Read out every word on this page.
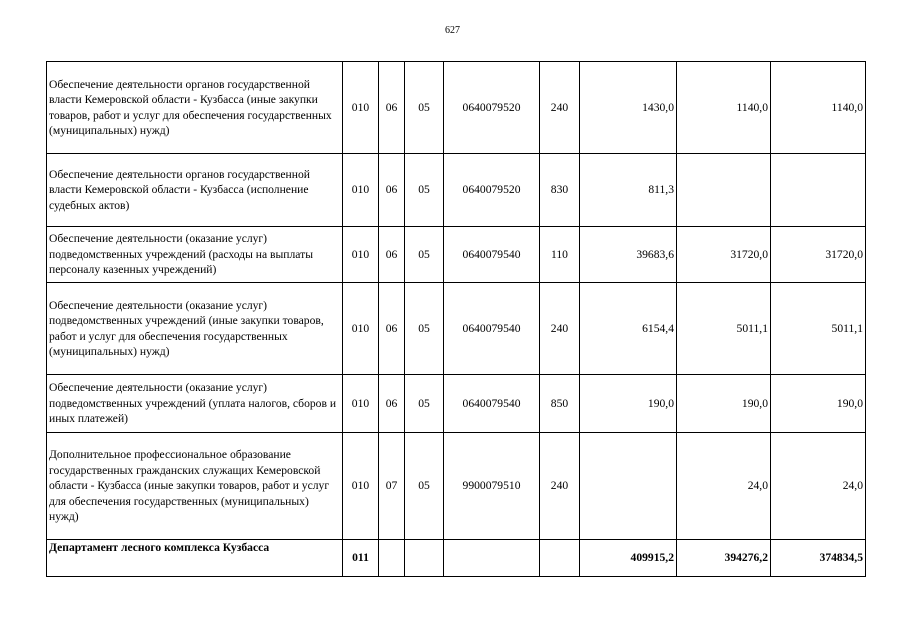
627
Обеспечение деятельности органов государственной власти Кемеровской области - Кузбасса (иные закупки товаров, работ и услуг для обеспечения государственных (муниципальных) нужд)	010	06	05	0640079520	240	1430,0	1140,0	1140,0
Обеспечение деятельности органов государственной власти Кемеровской области - Кузбасса (исполнение судебных актов)	010	06	05	0640079520	830	811,3		
Обеспечение деятельности (оказание услуг) подведомственных учреждений (расходы на выплаты персоналу казенных учреждений)	010	06	05	0640079540	110	39683,6	31720,0	31720,0
Обеспечение деятельности (оказание услуг) подведомственных учреждений (иные закупки товаров, работ и услуг для обеспечения государственных (муниципальных) нужд)	010	06	05	0640079540	240	6154,4	5011,1	5011,1
Обеспечение деятельности (оказание услуг) подведомственных учреждений (уплата налогов, сборов и иных платежей)	010	06	05	0640079540	850	190,0	190,0	190,0
Дополнительное профессиональное образование государственных гражданских служащих Кемеровской области - Кузбасса (иные закупки товаров, работ и услуг для обеспечения государственных (муниципальных) нужд)	010	07	05	9900079510	240		24,0	24,0
Департамент лесного комплекса Кузбасса	011					409915,2	394276,2	374834,5
